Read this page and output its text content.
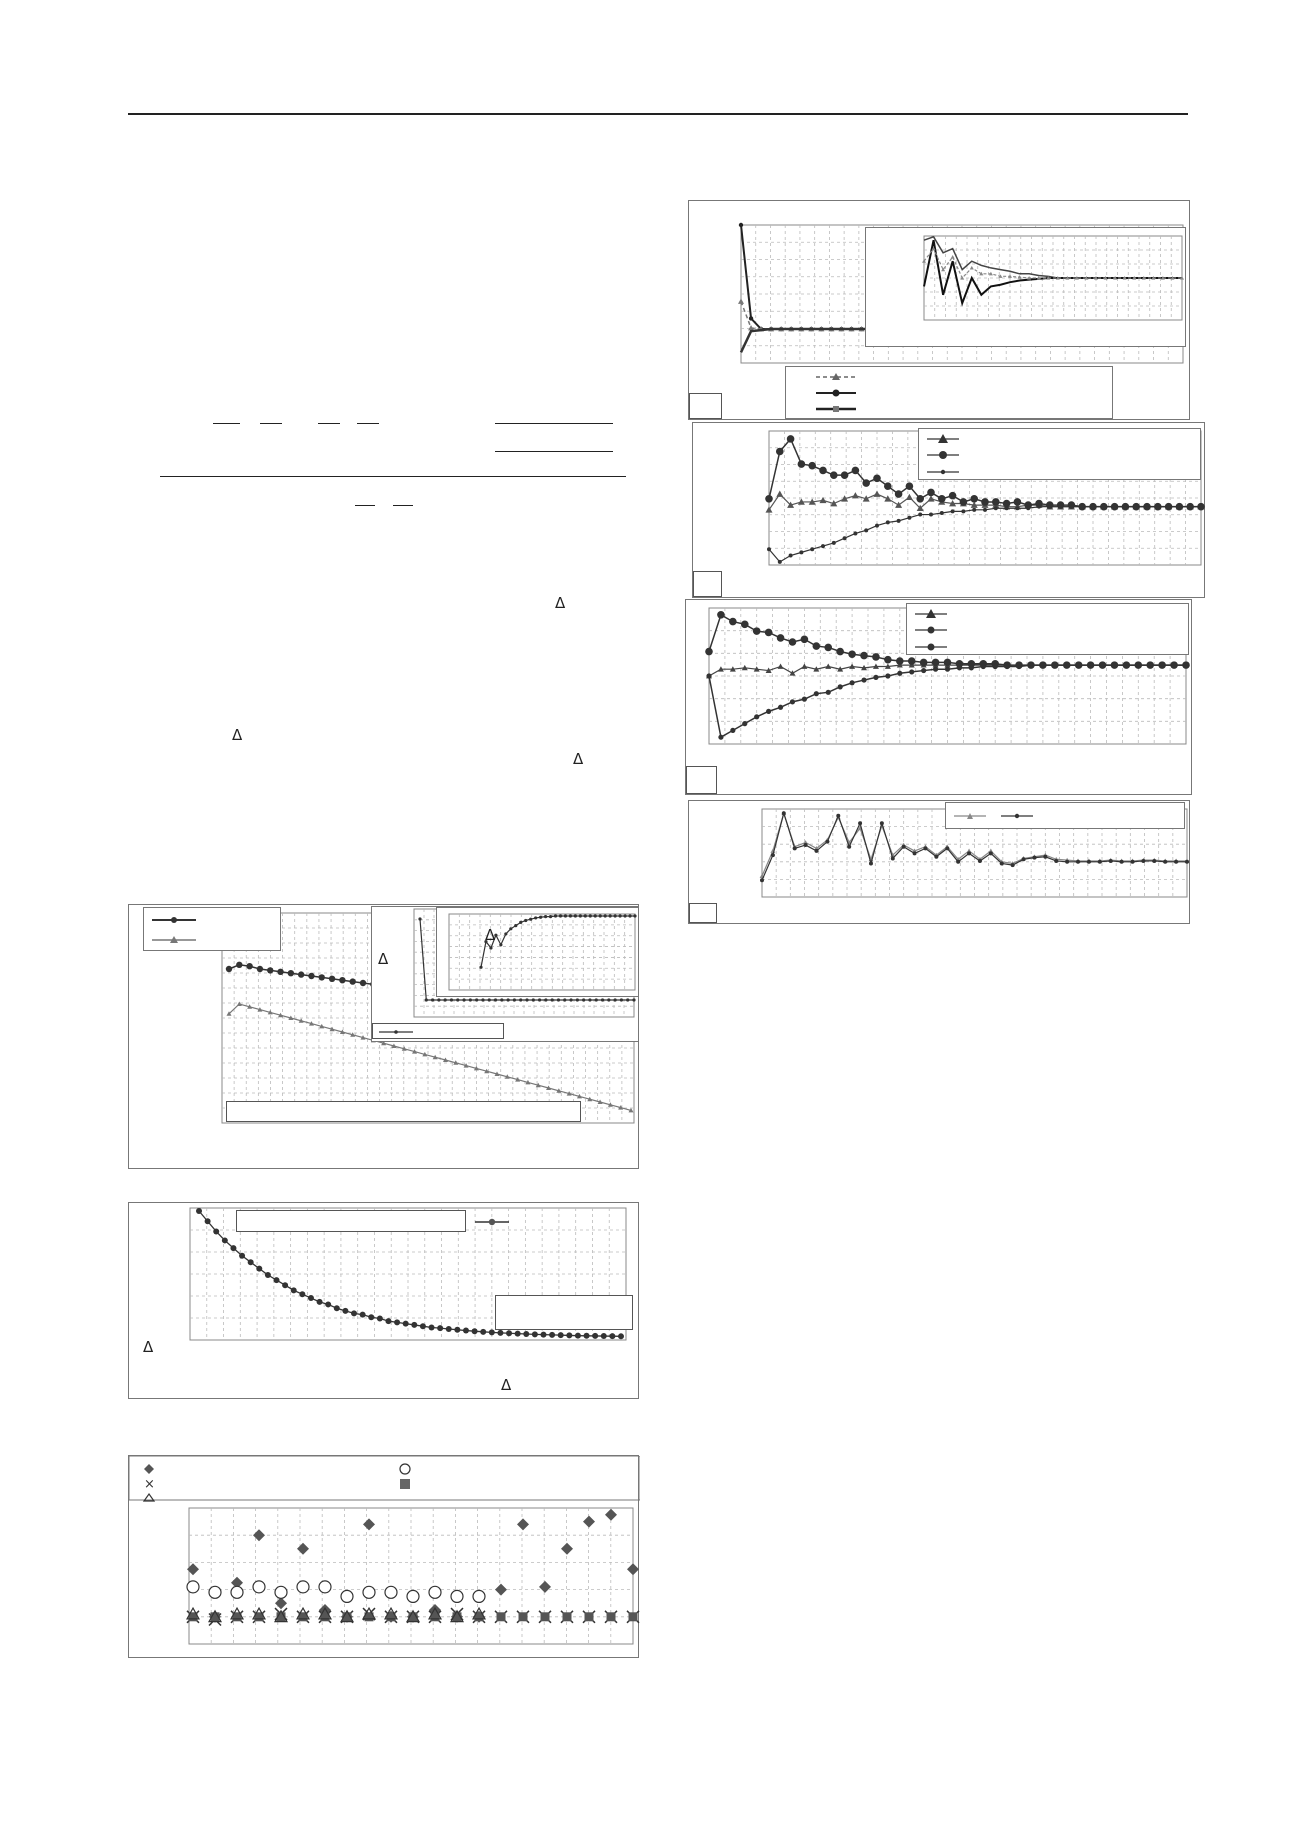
Δ
Δ
Δ
Δ
Δ
Δ
Δ
×
